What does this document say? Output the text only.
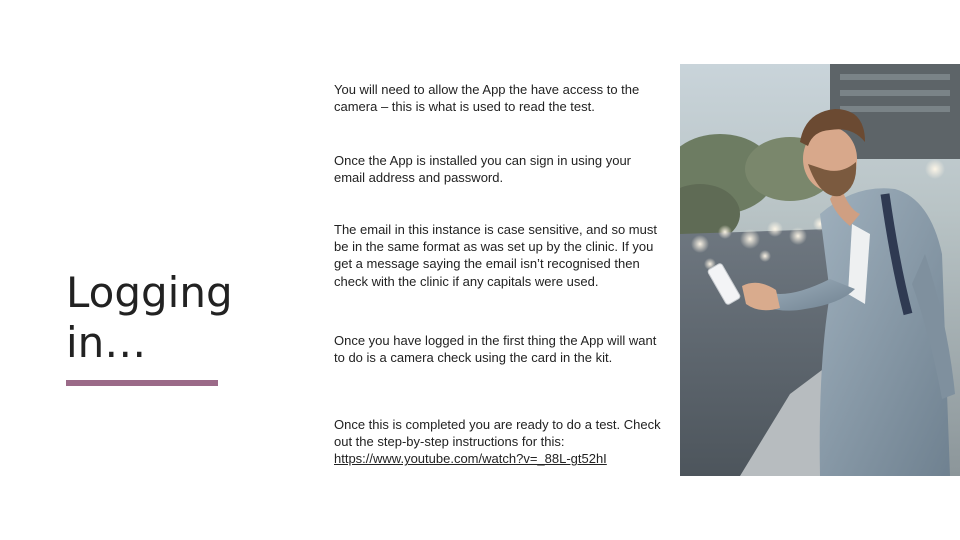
Logging in…

You will need to allow the App the have access to the camera – this is what is used to read the test.

Once the App is installed you can sign in using your email address and password.

The email in this instance is case sensitive, and so must be in the same format as was set up by the clinic. If you get a message saying the email isn’t recognised then check with the clinic if any capitals were used.

Once you have logged in the first thing the App will want to do is a camera check using the card in the kit.

Once this is completed you are ready to do a test. Check out the step-by-step instructions for this:
https://www.youtube.com/watch?v=_88L-gt52hI
